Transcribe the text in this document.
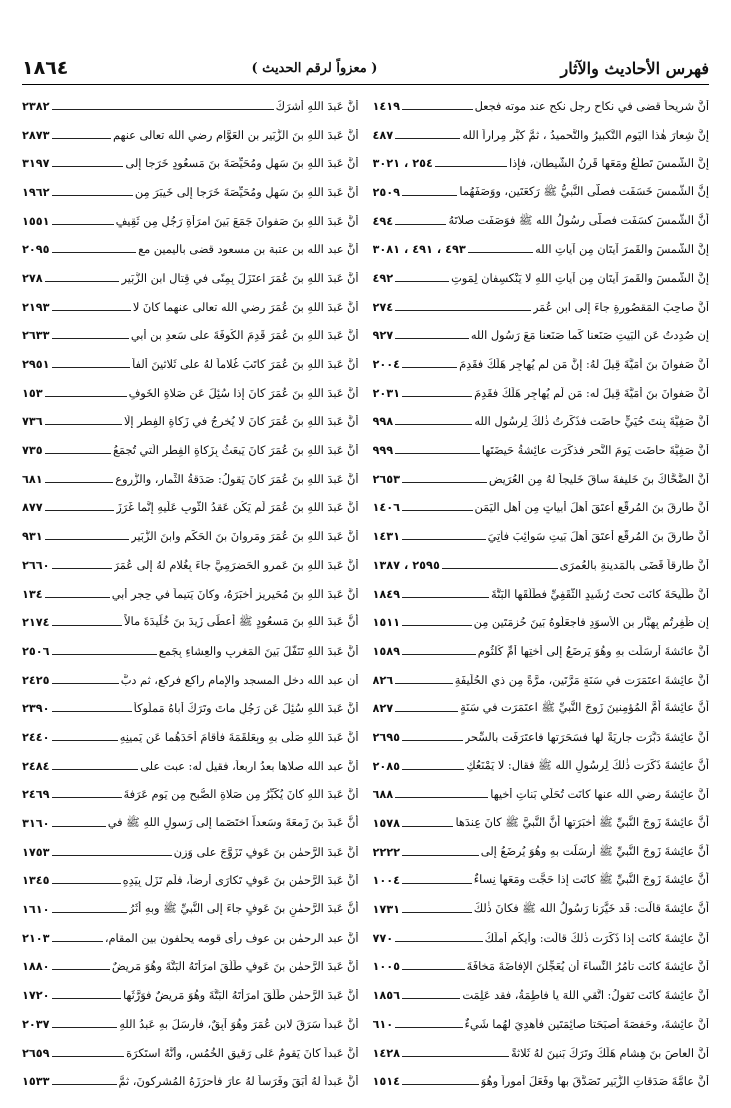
١٨٦٤	( معزواً لرقم الحديث )	فهرس الأحاديث والآثار
أنَّ شريحاً قضى في نكاح رجل نكح عند موته فجعل
١٤١٩
إنَّ شِعارَ هٰذا اليَوم التَّكبيرُ والتَّحميدُ ، ثمَّ كبَّر مِراراً الله
٤٨٧
إنَّ الشَّمسَ تَطلُعُ ومَعَها قَرنُ الشَّيطانِ، فإذا
٢٥٤ ، ٣٠٢١
إنَّ الشَّمسَ خَسَفَت فصلَّى النَّبيُّ ﷺ رَكعَتَين، ووَصَفَهُما
٢٥٠٩
أنَّ الشَّمسَ كسَفَت فصلَّى رسُولُ الله ﷺ فوَصَفَت صلاتَهُ
٤٩٤
إنَّ الشَّمسَ والقَمرَ آيتَانِ مِن آياتِ الله
٤٩٣ ، ٤٩١ ، ٣٠٨١
إنَّ الشَّمسَ والقَمرَ آيتَانِ مِن آياتِ اللهِ لا يَنْكسِفانِ لِمَوتِ
٤٩٢
أنَّ صاحِبَ المَقصُورةِ جاءَ إلى ابن عُمَر
٢٧٤
إن صُدِدتُ عَنِ البَيتِ صَنَعنا كَما صَنَعنا مَعَ رَسُولِ الله
٩٢٧
أنَّ صَفوانَ بنَ أُمَيَّةَ قِيلَ لهُ: إنَّ مَن لم يُهاجِر هَلَكَ فقَدِمَ
٢٠٠٤
أنَّ صَفوانَ بنَ أُمَيَّةَ قِيلَ له: مَن لَم يُهاجِر هَلَكَ فقَدِمَ
٢٠٣١
أنَّ صَفِيَّةَ بِنتَ حُيَيٍّ حاضَت فذَكَرتُ ذٰلكَ لِرسُولِ الله
٩٩٨
أنَّ صَفِيَّةَ حاضَت يَومَ النَّحرِ فذكَرَت عائِشةُ حَيضَتَها
٩٩٩
أنَّ الضَّحَّاكَ بنَ خَليفةَ ساقَ خَليجاً لهُ مِن العُرَيضِ
٢٦٥٣
أنَّ طارِقَ بنَ المُرقَّعِ أعتَقَ أهلَ أبياتٍ مِن أهلِ اليَمَنِ
١٤٠٦
أنَّ طارِقَ بنَ المُرقَّعِ أعتَقَ أهلَ بَيتِ سَوائِبَ فأُتِيَ
١٤٣١
أنَّ طارِقاً قَضَى بالمَدينةِ بالعُمرَى
٢٥٩٥ ، ١٣٨٧
أنَّ طُلَيحَةَ كانَت تَحتَ رُشَيدٍ الثَّقَفِيِّ فطَلَّقَها البَتَّةَ
١٨٤٩
إن ظَفِرتُم بِهبَّارِ بنِ الأَسوَدِ فاجعَلُوهُ بَينَ حُزمَتَينِ مِن
١٥١١
أنَّ عائشةَ أرسَلَت بهِ وهُوَ يَرضَعُ إلى أُختِها أُمِّ كُلثُومٍ
١٥٨٩
أنَّ عائِشةَ اعتَمَرَت في سَنَةٍ مَرَّتَينِ، مرَّةً مِن ذي الحُلَيفَةِ
٨٢٦
أنَّ عائِشةَ أُمَّ المُؤمِنينَ زَوجَ النَّبيِّ ﷺ اعتَمَرَت في سَنَةٍ
٨٢٧
أنَّ عائِشةَ دَبَّرَت جارِيَةً لها فسَحَرَتها فاعتَرَفَت بالسِّحرِ
٢٦٩٥
أنَّ عائِشةَ ذَكَرَت ذٰلكَ لِرسُولِ الله ﷺ فقال: لا يَمْنَعُكِ
٢٠٨٥
أنَّ عائِشةَ رضي الله عنها كانَت تُحَلِّي بَناتِ أخيها
٦٨٨
أنَّ عائِشةَ زَوجَ النَّبيِّ ﷺ أخبَرَتها أنَّ النَّبيَّ ﷺ كانَ عِندَها
١٥٧٨
أنَّ عائِشةَ زَوجَ النَّبيِّ ﷺ أرسَلَت بهِ وهُوَ يُرضَعُ إلى
٢٢٢٢
أنَّ عائِشةَ زَوجَ النَّبيِّ ﷺ كانَت إذا حَجَّت ومَعَها نِساءٌ
١٠٠٤
أنَّ عائِشةَ قالَت: قَد خَيَّرَنا رَسُولُ الله ﷺ فكانَ ذٰلكَ
١٧٣١
أنَّ عائِشةَ كانَت إذا ذَكَرَت ذٰلكَ قالَت: وأَيكُم أملَكُ
٧٧٠
أنَّ عائِشةَ كانَت تأمُرُ النِّساءَ أن يُعَجِّلنَ الإفاضَةَ مَخافَةَ
١٠٠٥
أنَّ عائِشةَ كانَت تَقولُ: اتَّقي اللهَ يا فاطِمَةُ، فقد عَلِمَت
١٨٥٦
أنَّ عائِشةَ، وحَفصَةَ أصبَحَتا صائِمَتَينِ فأُهدِيَ لهُما شَيءٌ
٦١٠
أنَّ العاصَ بنَ هِشامٍ هَلَكَ وتَرَكَ بَنينَ لهُ ثَلاثةً
١٤٢٨
أنَّ عامَّةَ صَدَقاتِ الزُّبَيرِ تَصَدَّقَ بها وفَعَلَ أُموراً وهُوَ
١٥١٤
أنَّ عَبدَ اللهِ أشرَكَ
٢٣٨٢
أنَّ عَبدَ اللهِ بنَ الزُّبَيرِ بنِ العَوَّامِ رضي الله تعالى عنهم
٢٨٧٣
أنَّ عَبدَ اللهِ بنَ سَهلٍ ومُحَيِّصَةَ بنَ مَسعُودٍ خَرَجا إلى
٣١٩٧
أنَّ عَبدَ اللهِ بنَ سَهلٍ ومُحَيِّصَةَ خَرَجا إلى خَيبَرَ مِن
١٩٦٢
أنَّ عَبدَ اللهِ بنَ صَفوانَ جَمَعَ بَينَ امرَأةِ رَجُلٍ مِن ثَقِيفٍ
١٥٥١
أنَّ عبد الله بن عتبة بن مسعود قضى باليمين مع
٢٠٩٥
أنَّ عَبدَ اللهِ بنَ عُمَرَ اعتَزَلَ بِمِنًى في قِتالِ ابنِ الزُّبَيرِ
٢٧٨
أنَّ عَبدَ اللهِ بنَ عُمَرَ رضي الله تعالى عنهما كانَ لا
٢١٩٣
أنَّ عَبدَ اللهِ بنَ عُمَرَ قَدِمَ الكُوفَةَ على سَعدِ بنِ أبي
٢٦٣٣
أنَّ عَبدَ اللهِ بنَ عُمَرَ كاتَبَ غُلاماً لهُ على ثَلاثينَ ألفاً
٢٩٥١
أنَّ عَبدَ اللهِ بنَ عُمَرَ كانَ إذا سُئِلَ عَن صَلاةِ الخَوفِ
١٥٣
أنَّ عَبدَ اللهِ بنَ عُمَرَ كانَ لا يُخرِجُ في زَكاةِ الفِطرِ إلَّا
٧٣٦
أنَّ عَبدَ اللهِ بنَ عُمَرَ كانَ يَبعَثُ بِزَكاةِ الفِطرِ الَّتي تُجمَعُ
٧٣٥
أنَّ عَبدَ اللهِ بنَ عُمَرَ كانَ يَقولُ: صَدَقةُ الثِّمارِ، والزُّروعِ
٦٨١
أنَّ عَبدَ اللهِ بنَ عُمَرَ لَم يَكُن عَقدُ الثَّوبِ عَلَيهِ إنَّما غَرَزَ
٨٧٧
أنَّ عَبدَ اللهِ بنَ عُمَرَ ومَروانَ بنَ الحَكَمِ وابنَ الزُّبَيرِ
٩٣١
أنَّ عَبدَ اللهِ بنَ عَمرِو الحَضرَمِيَّ جاءَ بِغُلامٍ لهُ إلى عُمَرَ
٢٦٦٠
أنَّ عَبدَ اللهِ بنَ مُحَيرِيزٍ أخبَرَهُ، وكانَ يَتيماً في حِجرِ أبي
١٣٤
أنَّ عَبدَ اللهِ بنَ مَسعُودٍ ﷺ أعطَى زَيدَ بنَ خُلَيدَةَ مالاً
٢١٧٤
أنَّ عَبدَ اللهِ تَنَفَّلَ بَينَ المَغرِبِ والعِشاءِ بِجَمعٍ
٢٥٠٦
أن عبد الله دخل المسجد والإمام راكع فركع، ثم دبَّ
٢٤٢٥
أنَّ عَبدَ اللهِ سُئِلَ عَن رَجُلٍ ماتَ وتَرَكَ أباهُ مَملُوكاً
٢٣٩٠
أنَّ عَبدَ اللهِ صَلَّى بهِ وبِعَلقَمَةَ فأقامَ أحَدَهُما عَن يَمينِهِ
٢٤٤٠
أنَّ عبد الله صلاها بعدُ اربعاً، فقيل له: عبت على
٢٤٨٤
أنَّ عَبدَ اللهِ كانَ يُكَبِّرُ مِن صَلاةِ الصُّبحِ مِن يَومِ عَرَفةَ
٢٤٦٩
أنَّ عَبدَ بنَ زَمعَةَ وسَعداً اختَصَما إلى رَسولِ اللهِ ﷺ في
٣١٦٠
أنَّ عَبدَ الرَّحمٰنِ بنَ عَوفٍ تَزَوَّجَ على وَزنِ
١٧٥٣
أنَّ عَبدَ الرَّحمٰنِ بنَ عَوفٍ تَكارَى أرضاً، فلَم تَزَل بِيَدِهِ
١٣٤٥
أنَّ عَبدَ الرَّحمٰنِ بنَ عَوفٍ جاءَ إلى النَّبيِّ ﷺ وبهِ أثَرُ
١٦١٠
أنَّ عبد الرحمٰن بن عوف رأى قومه يحلفون بين المقام،
٢١٠٣
أنَّ عَبدَ الرَّحمٰنِ بنَ عَوفٍ طَلَّقَ امرَأتَهُ البَتَّةَ وهُوَ مَريضٌ
١٨٨٠
أنَّ عَبدَ الرَّحمٰنِ طَلَّقَ امرَأتَهُ البَتَّةَ وهُوَ مَريضٌ فوَرَّثَها
١٧٢٠
أنَّ عَبداً سَرَقَ لابنِ عُمَرَ وهُوَ آبِقٌ، فأرسَلَ بهِ عَبدُ اللهِ
٢٠٣٧
أنَّ عَبداً كانَ يَقومُ عَلى رَقيقِ الخُمُسِ، وأنَّهُ استَكرَهَ
٢٦٥٩
أنَّ عَبداً لهُ أبَقَ وفَرَساً لهُ عارَ فأحرَزَهُ المُشرِكونَ، ثمَّ
١٥٣٣
